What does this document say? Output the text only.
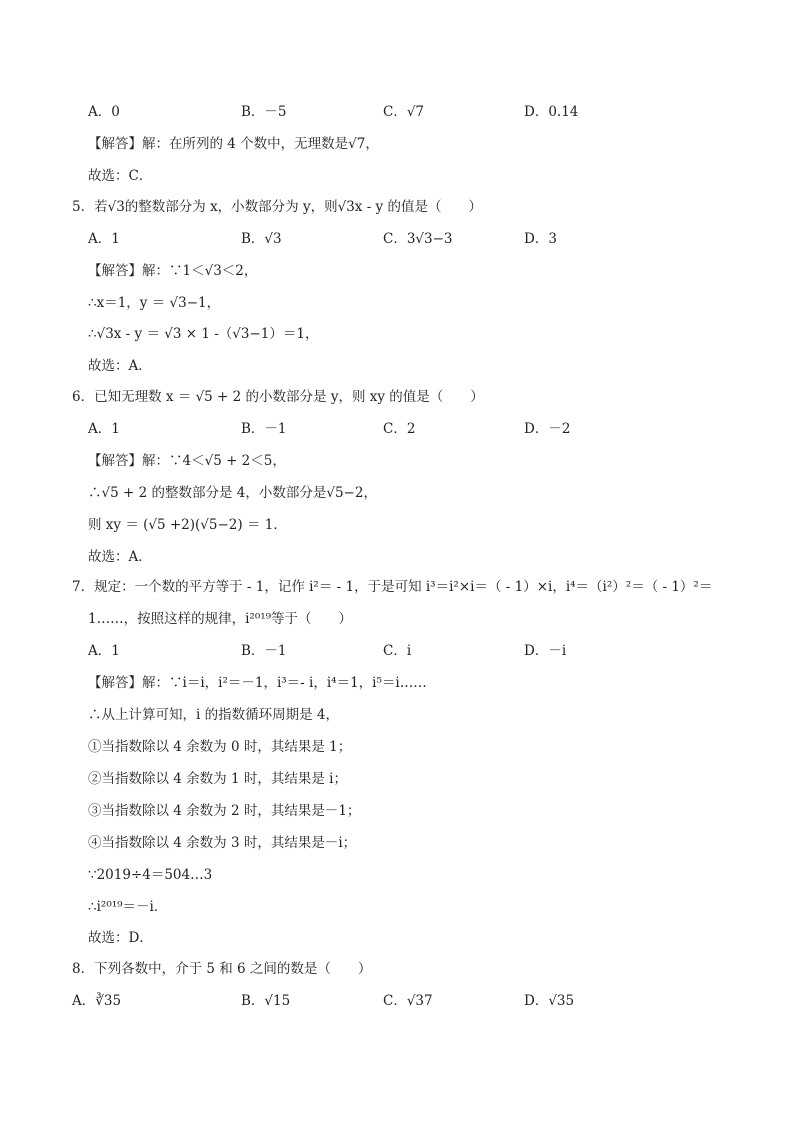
A．0	B．－5	C．√7	D．0.14
【解答】解：在所列的 4 个数中，无理数是√7，
故选：C．
5．若√3的整数部分为 x，小数部分为 y，则√3x - y 的值是（　　）
A．1	B．√3	C．3√3−3	D．3
【解答】解：∵1＜√3＜2，
∴x＝1，y ＝ √3−1，
∴√3x - y ＝ √3 × 1 -（√3−1）＝1，
故选：A．
6．已知无理数 x ＝ √5 + 2 的小数部分是 y，则 xy 的值是（　　）
A．1	B．－1	C．2	D．－2
【解答】解：∵4＜√5 + 2＜5，
∴√5 + 2 的整数部分是 4，小数部分是√5−2，
则 xy ＝ (√5 +2)(√5−2) ＝ 1．
故选：A．
7．规定：一个数的平方等于 - 1，记作 i²＝ - 1，于是可知 i³＝i²×i＝（ - 1）×i，i⁴＝（i²）²＝（ - 1）²＝
1……，按照这样的规律，i²⁰¹⁹等于（　　）
A．1	B．－1	C．i	D．－i
【解答】解：∵i＝i，i²＝－1，i³＝- i，i⁴＝1，i⁵＝i……
∴从上计算可知，i 的指数循环周期是 4，
①当指数除以 4 余数为 0 时，其结果是 1；
②当指数除以 4 余数为 1 时，其结果是 i；
③当指数除以 4 余数为 2 时，其结果是－1；
④当指数除以 4 余数为 3 时，其结果是－i；
∵2019÷4＝504…3
∴i²⁰¹⁹＝－i．
故选：D．
8．下列各数中，介于 5 和 6 之间的数是（　　）
A．∛35	B．√15	C．√37	D．√35
